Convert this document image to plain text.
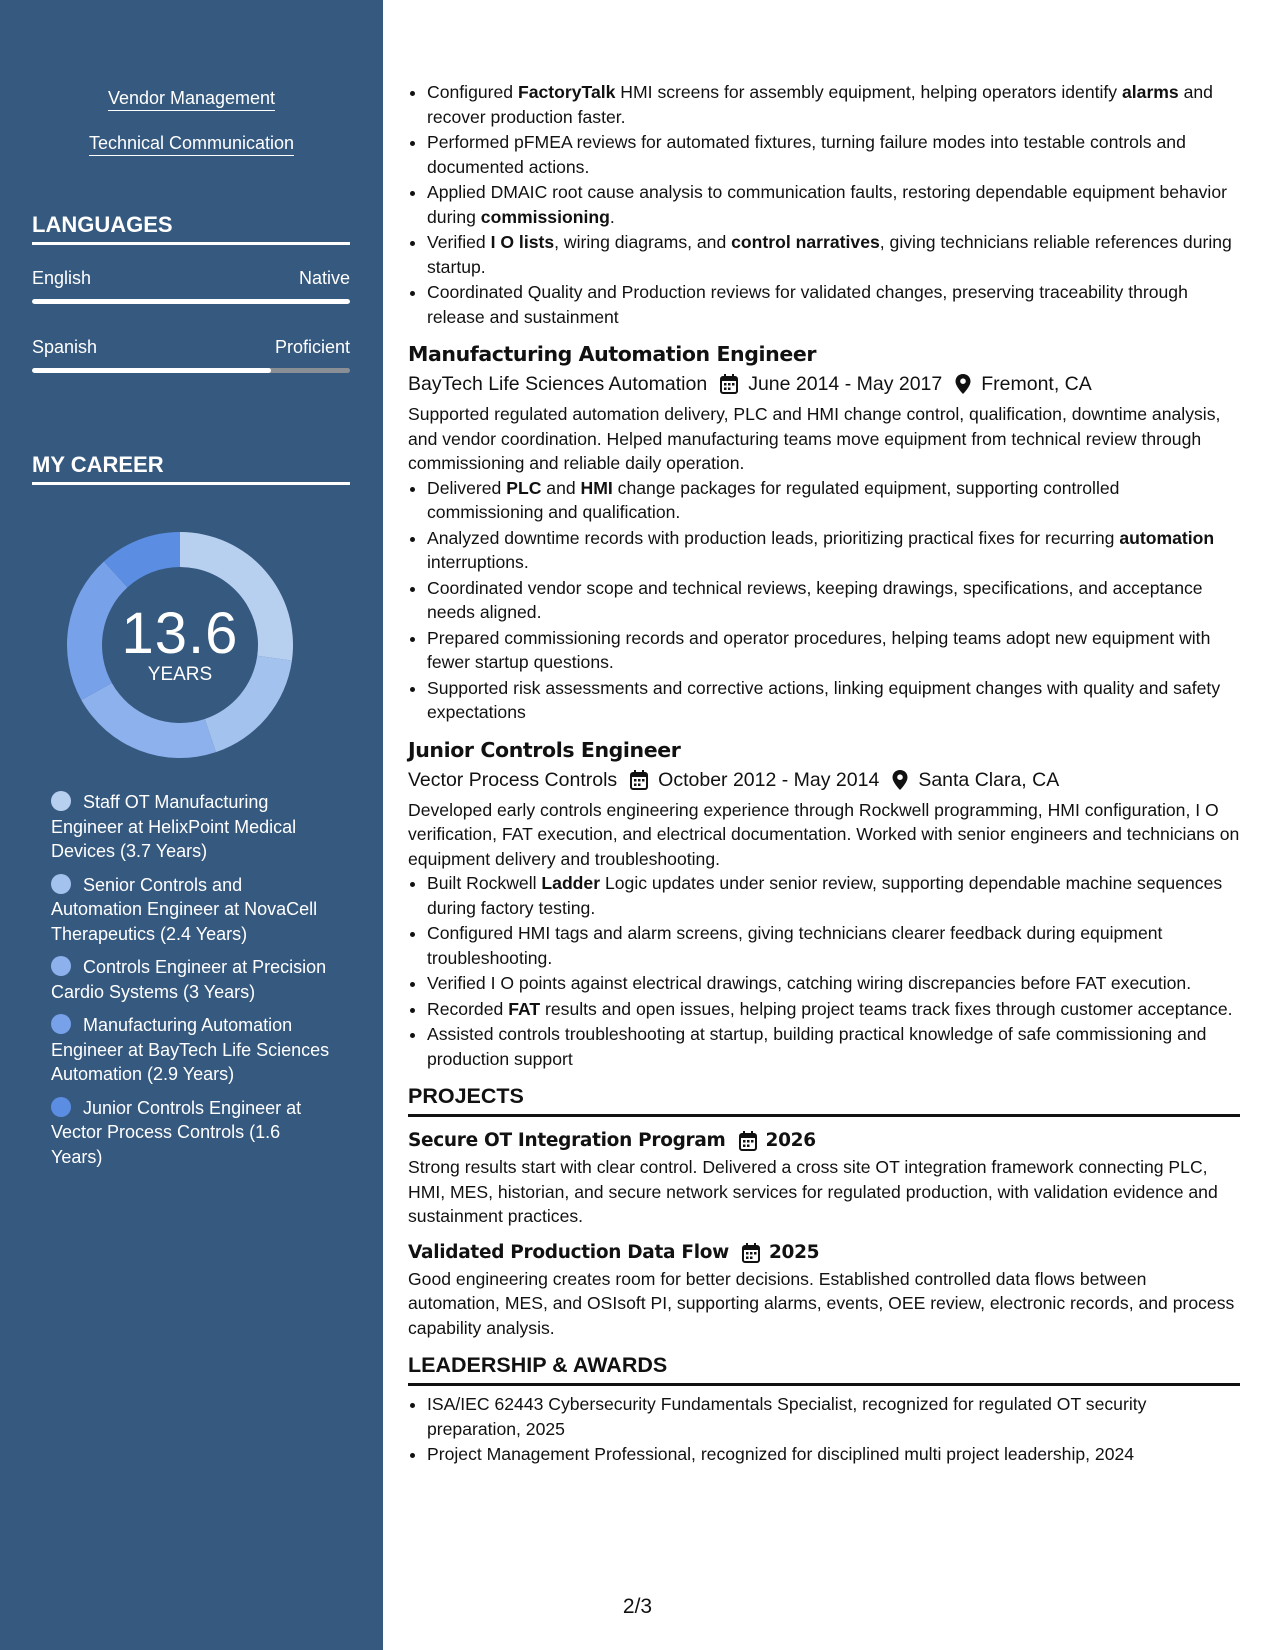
Vendor Management
Technical Communication
LANGUAGES
English	Native
Spanish	Proficient
MY CAREER
13.6
YEARS
Staff OT Manufacturing Engineer at HelixPoint Medical Devices (3.7 Years)
Senior Controls and Automation Engineer at NovaCell Therapeutics (2.4 Years)
Controls Engineer at Precision Cardio Systems (3 Years)
Manufacturing Automation Engineer at BayTech Life Sciences Automation (2.9 Years)
Junior Controls Engineer at Vector Process Controls (1.6 Years)
• Configured FactoryTalk HMI screens for assembly equipment, helping operators identify alarms and recover production faster.
• Performed pFMEA reviews for automated fixtures, turning failure modes into testable controls and documented actions.
• Applied DMAIC root cause analysis to communication faults, restoring dependable equipment behavior during commissioning.
• Verified I O lists, wiring diagrams, and control narratives, giving technicians reliable references during startup.
• Coordinated Quality and Production reviews for validated changes, preserving traceability through release and sustainment
Manufacturing Automation Engineer
BayTech Life Sciences Automation June 2014 - May 2017 Fremont, CA
Supported regulated automation delivery, PLC and HMI change control, qualification, downtime analysis, and vendor coordination. Helped manufacturing teams move equipment from technical review through commissioning and reliable daily operation.
• Delivered PLC and HMI change packages for regulated equipment, supporting controlled commissioning and qualification.
• Analyzed downtime records with production leads, prioritizing practical fixes for recurring automation interruptions.
• Coordinated vendor scope and technical reviews, keeping drawings, specifications, and acceptance needs aligned.
• Prepared commissioning records and operator procedures, helping teams adopt new equipment with fewer startup questions.
• Supported risk assessments and corrective actions, linking equipment changes with quality and safety expectations
Junior Controls Engineer
Vector Process Controls October 2012 - May 2014 Santa Clara, CA
Developed early controls engineering experience through Rockwell programming, HMI configuration, I O verification, FAT execution, and electrical documentation. Worked with senior engineers and technicians on equipment delivery and troubleshooting.
• Built Rockwell Ladder Logic updates under senior review, supporting dependable machine sequences during factory testing.
• Configured HMI tags and alarm screens, giving technicians clearer feedback during equipment troubleshooting.
• Verified I O points against electrical drawings, catching wiring discrepancies before FAT execution.
• Recorded FAT results and open issues, helping project teams track fixes through customer acceptance.
• Assisted controls troubleshooting at startup, building practical knowledge of safe commissioning and production support
PROJECTS
Secure OT Integration Program 2026
Strong results start with clear control. Delivered a cross site OT integration framework connecting PLC, HMI, MES, historian, and secure network services for regulated production, with validation evidence and sustainment practices.
Validated Production Data Flow 2025
Good engineering creates room for better decisions. Established controlled data flows between automation, MES, and OSIsoft PI, supporting alarms, events, OEE review, electronic records, and process capability analysis.
LEADERSHIP & AWARDS
• ISA/IEC 62443 Cybersecurity Fundamentals Specialist, recognized for regulated OT security preparation, 2025
• Project Management Professional, recognized for disciplined multi project leadership, 2024
2/3
